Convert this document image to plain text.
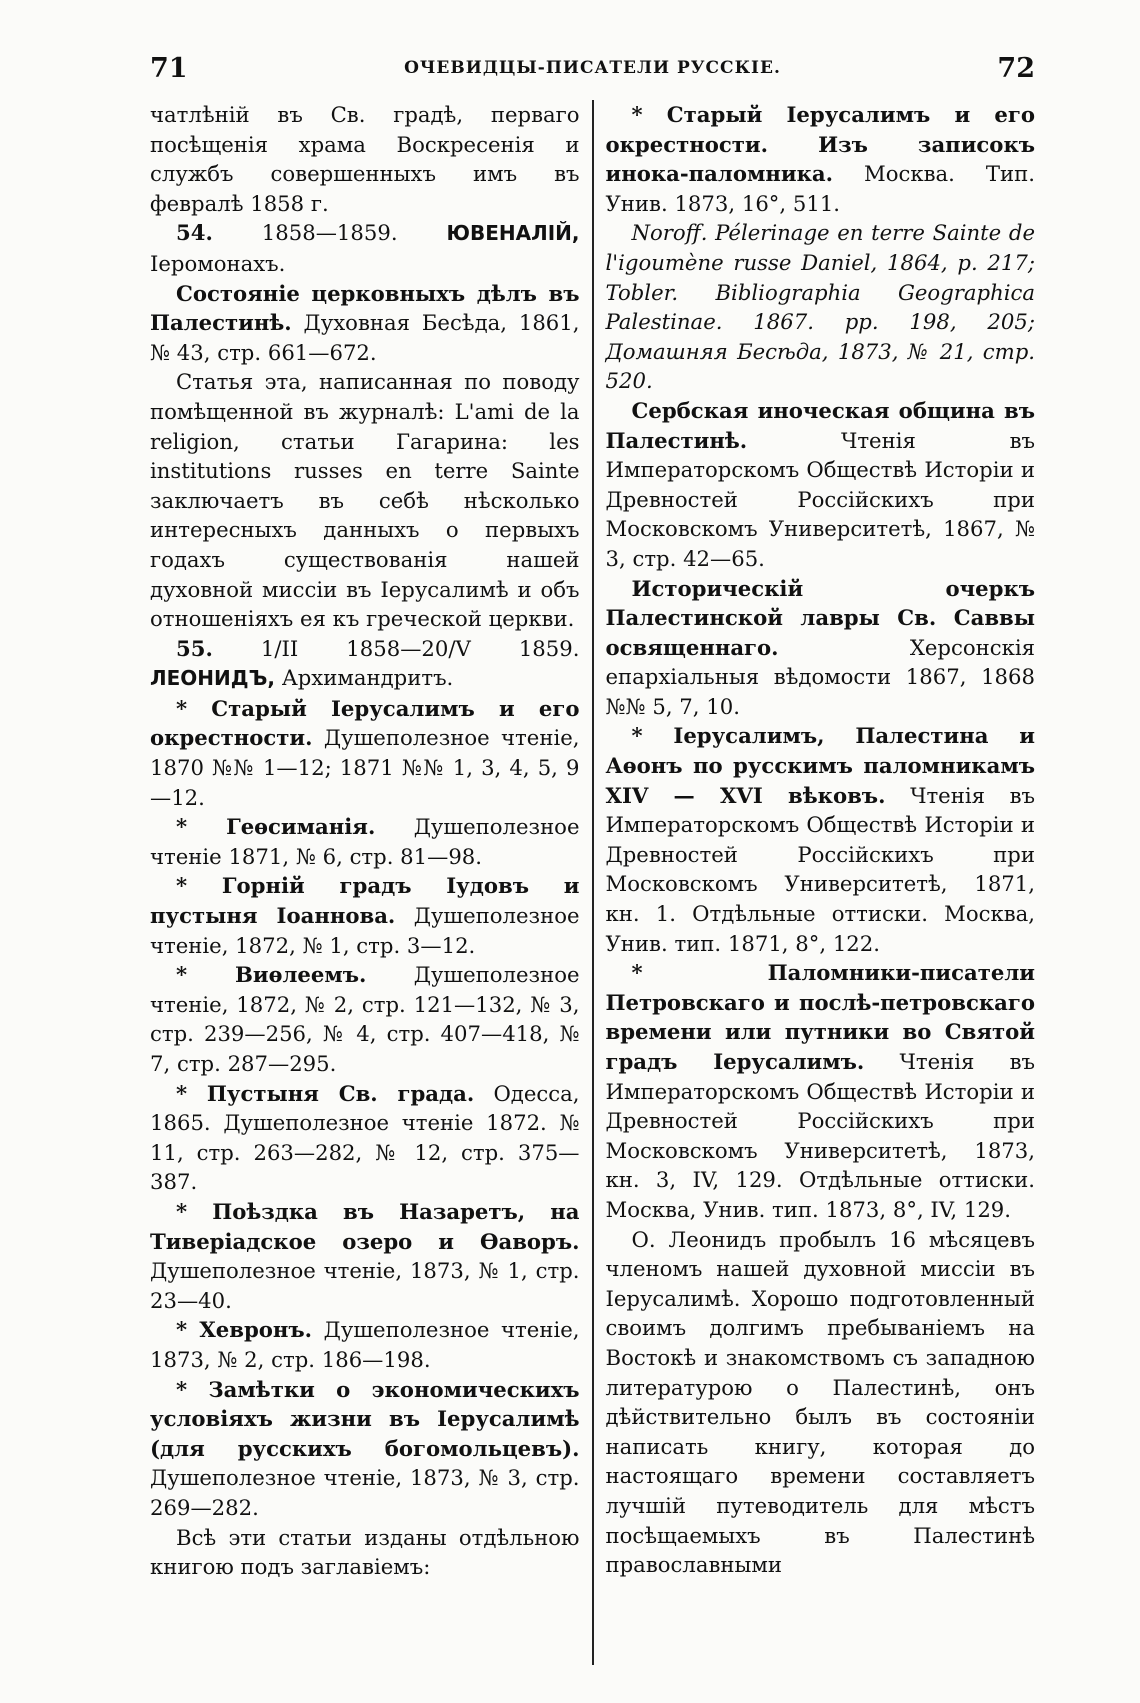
71	ОЧЕВИДЦЫ-ПИСАТЕЛИ РУССКІЕ.	72

чатлѣній въ Св. градѣ, перваго посѣщенія храма Воскресенія и службъ совершенныхъ имъ въ февралѣ 1858 г.

54. 1858—1859. ЮВЕНАЛІЙ, Іеромонахъ.

Состояніе церковныхъ дѣлъ въ Палестинѣ. Духовная Бесѣда, 1861, № 43, стр. 661—672.

Статья эта, написанная по поводу помѣщенной въ журналѣ: L'ami de la religion, статьи Гагарина: les institutions russes en terre Sainte заключаетъ въ себѣ нѣсколько интересныхъ данныхъ о первыхъ годахъ существованія нашей духовной миссіи въ Іерусалимѣ и объ отношеніяхъ ея къ греческой церкви.

55. 1/II 1858—20/V 1859. ЛЕОНИДЪ, Архимандритъ.

* Старый Іерусалимъ и его окрестности. Душеполезное чтеніе, 1870 №№ 1—12; 1871 №№ 1, 3, 4, 5, 9—12.

* Геѳсиманія. Душеполезное чтеніе 1871, № 6, стр. 81—98.

* Горній градъ Іудовъ и пустыня Іоаннова. Душеполезное чтеніе, 1872, № 1, стр. 3—12.

* Виѳлеемъ. Душеполезное чтеніе, 1872, № 2, стр. 121—132, № 3, стр. 239—256, № 4, стр. 407—418, № 7, стр. 287—295.

* Пустыня Св. града. Одесса, 1865. Душеполезное чтеніе 1872. № 11, стр. 263—282, № 12, стр. 375—387.

* Поѣздка въ Назаретъ, на Тиверіадское озеро и Ѳаворъ. Душеполезное чтеніе, 1873, № 1, стр. 23—40.

* Хевронъ. Душеполезное чтеніе, 1873, № 2, стр. 186—198.

* Замѣтки о экономическихъ условіяхъ жизни въ Іерусалимѣ (для русскихъ богомольцевъ). Душеполезное чтеніе, 1873, № 3, стр. 269—282.

Всѣ эти статьи изданы отдѣльною книгою подъ заглавіемъ:

* Старый Іерусалимъ и его окрестности. Изъ записокъ инока-паломника. Москва. Тип. Унив. 1873, 16°, 511.

Noroff. Pélerinage en terre Sainte de l'igoumène russe Daniel, 1864, p. 217; Tobler. Bibliographia Geographica Palestinae. 1867. pp. 198, 205; Домашняя Бесѣда, 1873, № 21, стр. 520.

Сербская иноческая община въ Палестинѣ.	Чтенія въ Императорскомъ Обществѣ Исторіи и Древностей Россійскихъ при Московскомъ Университетѣ, 1867, № 3, стр. 42—65.

Историческій очеркъ Палестинской лавры Св. Саввы освященнаго.	Херсонскія епархіальныя вѣдомости 1867, 1868 №№ 5, 7, 10.

* Іерусалимъ, Палестина и Аѳонъ по русскимъ паломникамъ XIV — XVI вѣковъ. Чтенія въ Императорскомъ Обществѣ Исторіи и Древностей Россійскихъ при Московскомъ Университетѣ, 1871, кн. 1. Отдѣльные оттиски. Москва, Унив. тип. 1871, 8°, 122.

* Паломники-писатели Петровскаго и послѣ-петровскаго времени или путники во Святой градъ Іерусалимъ. Чтенія въ Императорскомъ Обществѣ Исторіи и Древностей Россійскихъ при Московскомъ Университетѣ, 1873, кн. 3, IV, 129. Отдѣльные оттиски. Москва, Унив. тип. 1873, 8°, IV, 129.

О. Леонидъ пробылъ 16 мѣсяцевъ членомъ нашей духовной миссіи въ Іерусалимѣ. Хорошо подготовленный своимъ долгимъ пребываніемъ на Востокѣ и знакомствомъ съ западною литературою о Палестинѣ, онъ дѣйствительно былъ въ состояніи написать книгу, которая до настоящаго времени составляетъ лучшій путеводитель для мѣстъ посѣщаемыхъ въ Палестинѣ православными
